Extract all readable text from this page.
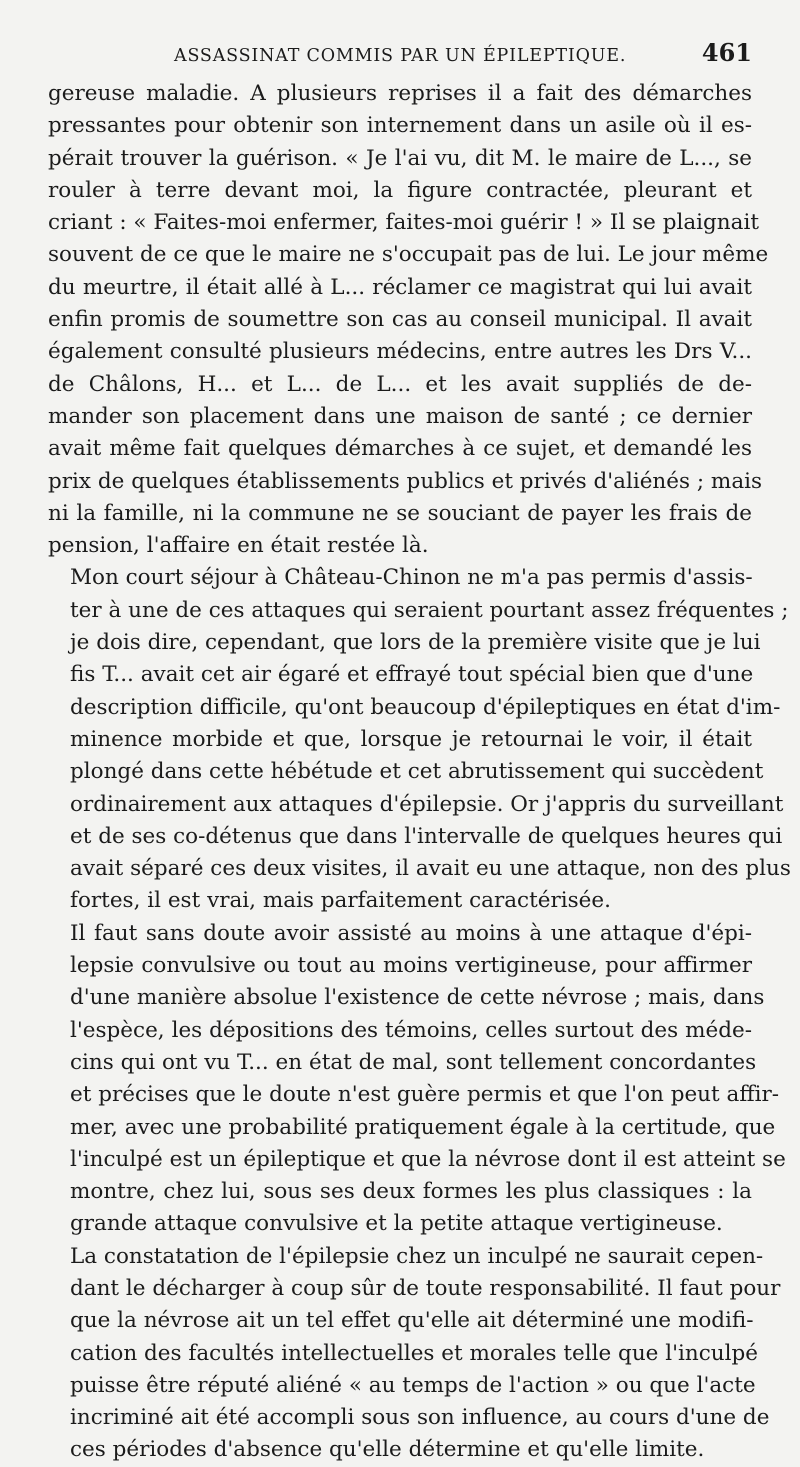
ASSASSINAT COMMIS PAR UN ÉPILEPTIQUE.	461

gereuse maladie. A plusieurs reprises il a fait des démarches
pressantes pour obtenir son internement dans un asile où il es-
pérait trouver la guérison. « Je l'ai vu, dit M. le maire de L..., se
rouler à terre devant moi, la figure contractée, pleurant et
criant : « Faites-moi enfermer, faites-moi guérir ! » Il se plaignait
souvent de ce que le maire ne s'occupait pas de lui. Le jour même
du meurtre, il était allé à L... réclamer ce magistrat qui lui avait
enfin promis de soumettre son cas au conseil municipal. Il avait
également consulté plusieurs médecins, entre autres les Drs V...
de Châlons, H... et L... de L... et les avait suppliés de de-
mander son placement dans une maison de santé ; ce dernier
avait même fait quelques démarches à ce sujet, et demandé les
prix de quelques établissements publics et privés d'aliénés ; mais
ni la famille, ni la commune ne se souciant de payer les frais de
pension, l'affaire en était restée là.

Mon court séjour à Château-Chinon ne m'a pas permis d'assis-
ter à une de ces attaques qui seraient pourtant assez fréquentes ;
je dois dire, cependant, que lors de la première visite que je lui
fis T... avait cet air égaré et effrayé tout spécial bien que d'une
description difficile, qu'ont beaucoup d'épileptiques en état d'im-
minence morbide et que, lorsque je retournai le voir, il était
plongé dans cette hébétude et cet abrutissement qui succèdent
ordinairement aux attaques d'épilepsie. Or j'appris du surveillant
et de ses co-détenus que dans l'intervalle de quelques heures qui
avait séparé ces deux visites, il avait eu une attaque, non des plus
fortes, il est vrai, mais parfaitement caractérisée.

Il faut sans doute avoir assisté au moins à une attaque d'épi-
lepsie convulsive ou tout au moins vertigineuse, pour affirmer
d'une manière absolue l'existence de cette névrose ; mais, dans
l'espèce, les dépositions des témoins, celles surtout des méde-
cins qui ont vu T... en état de mal, sont tellement concordantes
et précises que le doute n'est guère permis et que l'on peut affir-
mer, avec une probabilité pratiquement égale à la certitude, que
l'inculpé est un épileptique et que la névrose dont il est atteint se
montre, chez lui, sous ses deux formes les plus classiques : la
grande attaque convulsive et la petite attaque vertigineuse.

La constatation de l'épilepsie chez un inculpé ne saurait cepen-
dant le décharger à coup sûr de toute responsabilité. Il faut pour
que la névrose ait un tel effet qu'elle ait déterminé une modifi-
cation des facultés intellectuelles et morales telle que l'inculpé
puisse être réputé aliéné « au temps de l'action » ou que l'acte
incriminé ait été accompli sous son influence, au cours d'une de
ces périodes d'absence qu'elle détermine et qu'elle limite.
